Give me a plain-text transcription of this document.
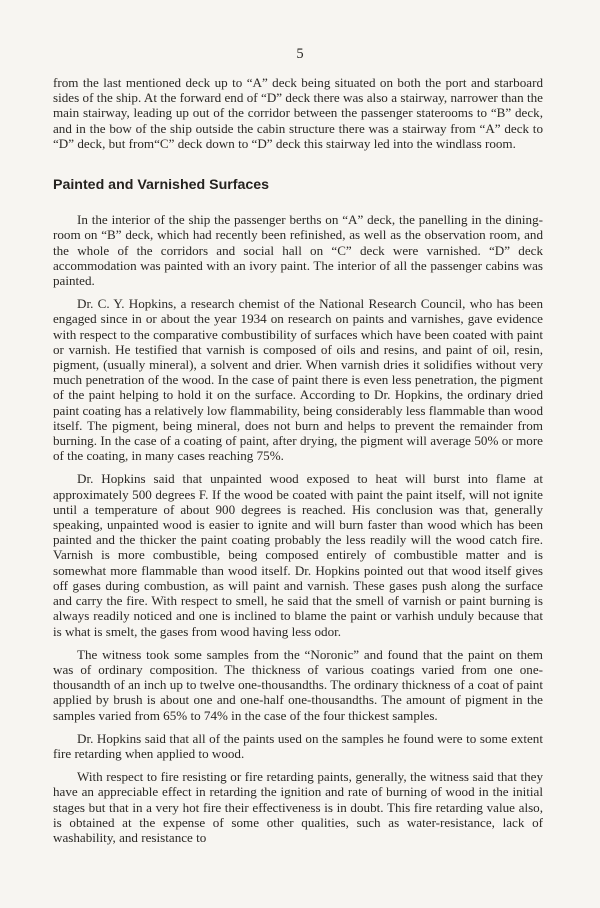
5

from the last mentioned deck up to “A” deck being situated on both the port and starboard sides of the ship. At the forward end of “D” deck there was also a stairway, narrower than the main stairway, leading up out of the corridor between the passenger staterooms to “B” deck, and in the bow of the ship outside the cabin structure there was a stairway from “A” deck to “D” deck, but from“C” deck down to “D” deck this stairway led into the windlass room.

Painted and Varnished Surfaces

In the interior of the ship the passenger berths on “A” deck, the panelling in the dining-room on “B” deck, which had recently been refinished, as well as the observation room, and the whole of the corridors and social hall on “C” deck were varnished. “D” deck accommodation was painted with an ivory paint. The interior of all the passenger cabins was painted.

Dr. C. Y. Hopkins, a research chemist of the National Research Council, who has been engaged since in or about the year 1934 on research on paints and varnishes, gave evidence with respect to the comparative combustibility of surfaces which have been coated with paint or varnish. He testified that varnish is composed of oils and resins, and paint of oil, resin, pigment, (usually mineral), a solvent and drier. When varnish dries it solidifies without very much penetration of the wood. In the case of paint there is even less penetration, the pigment of the paint helping to hold it on the surface. According to Dr. Hopkins, the ordinary dried paint coating has a relatively low flammability, being considerably less flammable than wood itself. The pigment, being mineral, does not burn and helps to prevent the remainder from burning. In the case of a coating of paint, after drying, the pigment will average 50% or more of the coating, in many cases reaching 75%.

Dr. Hopkins said that unpainted wood exposed to heat will burst into flame at approximately 500 degrees F. If the wood be coated with paint the paint itself, will not ignite until a temperature of about 900 degrees is reached. His conclusion was that, generally speaking, unpainted wood is easier to ignite and will burn faster than wood which has been painted and the thicker the paint coating probably the less readily will the wood catch fire. Varnish is more combustible, being composed entirely of combustible matter and is somewhat more flammable than wood itself. Dr. Hopkins pointed out that wood itself gives off gases during combustion, as will paint and varnish. These gases push along the surface and carry the fire. With respect to smell, he said that the smell of varnish or paint burning is always readily noticed and one is inclined to blame the paint or varhish unduly because that is what is smelt, the gases from wood having less odor.

The witness took some samples from the “Noronic” and found that the paint on them was of ordinary composition. The thickness of various coatings varied from one one-thousandth of an inch up to twelve one-thousandths. The ordinary thickness of a coat of paint applied by brush is about one and one-half one-thousandths. The amount of pigment in the samples varied from 65% to 74% in the case of the four thickest samples.

Dr. Hopkins said that all of the paints used on the samples he found were to some extent fire retarding when applied to wood.

With respect to fire resisting or fire retarding paints, generally, the witness said that they have an appreciable effect in retarding the ignition and rate of burning of wood in the initial stages but that in a very hot fire their effectiveness is in doubt. This fire retarding value also, is obtained at the expense of some other qualities, such as water-resistance, lack of washability, and resistance to
